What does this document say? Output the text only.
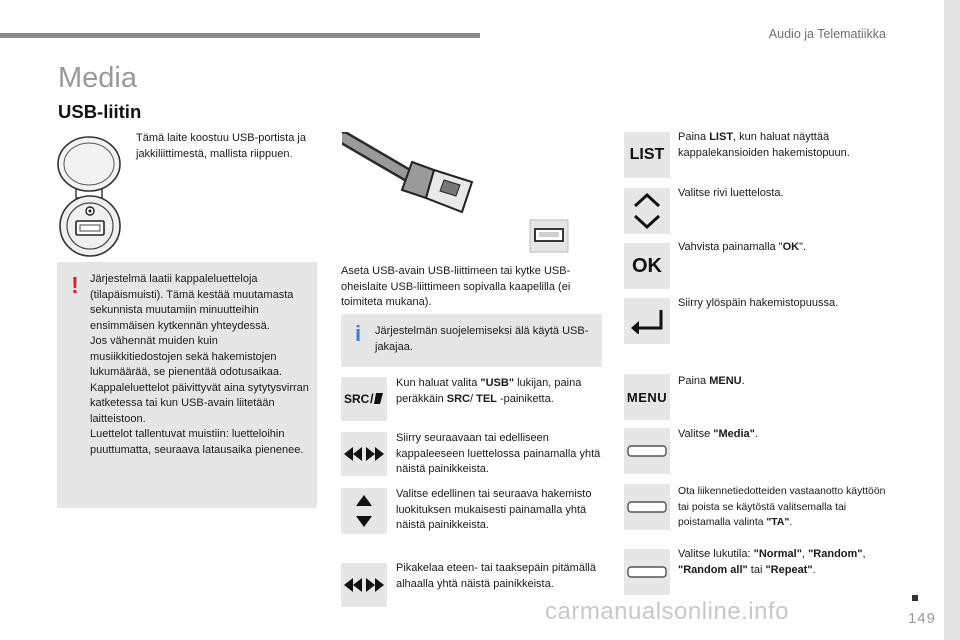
Audio ja Telematiikka
Media
USB-liitin
Tämä laite koostuu USB-portista ja jakkiliittimestä, mallista riippuen.
! Järjestelmä laatii kappaleluetteloja (tilapäismuisti). Tämä kestää muutamasta sekunnista muutamiin minuutteihin ensimmäisen kytkennän yhteydessä.
Jos vähennät muiden kuin musiikkitiedostojen sekä hakemistojen lukumäärää, se pienentää odotusaikaa.
Kappaleluettelot päivittyvät aina sytytysvirran katketessa tai kun USB-avain liitetään laitteistoon.
Luettelot tallentuvat muistiin: luetteloihin puuttumatta, seuraava latausaika pienenee.
Aseta USB-avain USB-liittimeen tai kytke USB-oheislaite USB-liittimeen sopivalla kaapelilla (ei toimiteta mukana).
i	Järjestelmän suojelemiseksi älä käytä USB-jakajaa.
SRC /
Kun haluat valita "USB" lukijan, paina peräkkäin SRC/ TEL -painiketta.
Siirry seuraavaan tai edelliseen kappaleeseen luettelossa painamalla yhtä näistä painikkeista.
Valitse edellinen tai seuraava hakemisto luokituksen mukaisesti painamalla yhtä näistä painikkeista.
Pikakelaa eteen- tai taaksepäin pitämällä alhaalla yhtä näistä painikkeista.
LIST
Paina LIST, kun haluat näyttää kappalekansioiden hakemistopuun.
Valitse rivi luettelosta.
OK
Vahvista painamalla "OK".
Siirry ylöspäin hakemistopuussa.
MENU
Paina MENU.
Valitse "Media".
Ota liikennetiedotteiden vastaanotto käyttöön tai poista se käytöstä valitsemalla tai poistamalla valinta "TA".
Valitse lukutila: "Normal", "Random", "Random all" tai "Repeat".
carmanualsonline.info	149
